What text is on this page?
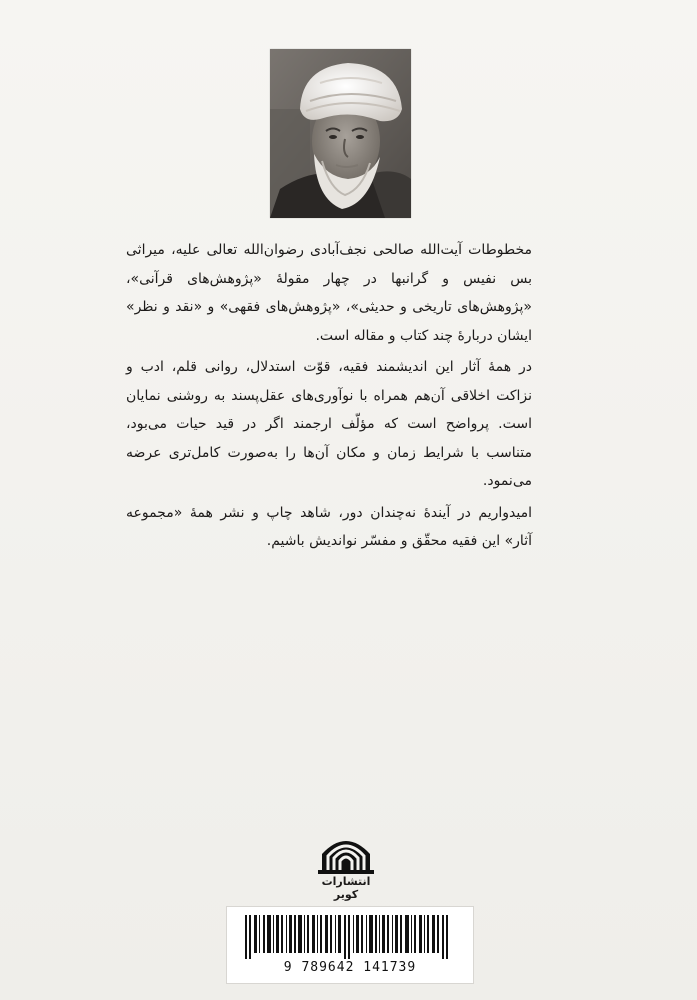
مخطوطات آیت‌الله صالحی نجف‌آبادی رضوان‌الله تعالی علیه، میراثی بس نفیس و گرانبها در چهار مقولهٔ «پژوهش‌های قرآنی»، «پژوهش‌های تاریخی و حدیثی»، «پژوهش‌های فقهی» و «نقد و نظر» ایشان دربارهٔ چند کتاب و مقاله است.

در همهٔ آثار این اندیشمند فقیه، قوّت استدلال، روانی قلم، ادب و نزاکت اخلاقی آن‌هم همراه با نوآوری‌های عقل‌پسند به روشنی نمایان است. پرواضح است که مؤلّف ارجمند اگر در قید حیات می‌بود، متناسب با شرایط زمان و مکان آن‌ها را به‌صورت کامل‌تری عرضه می‌نمود.

امیدواریم در آیندهٔ نه‌چندان دور، شاهد چاپ و نشر همهٔ «مجموعه آثار» این فقیه محقّق و مفسّر نواندیش باشیم.

انتشارات کویر
9 789642 141739
